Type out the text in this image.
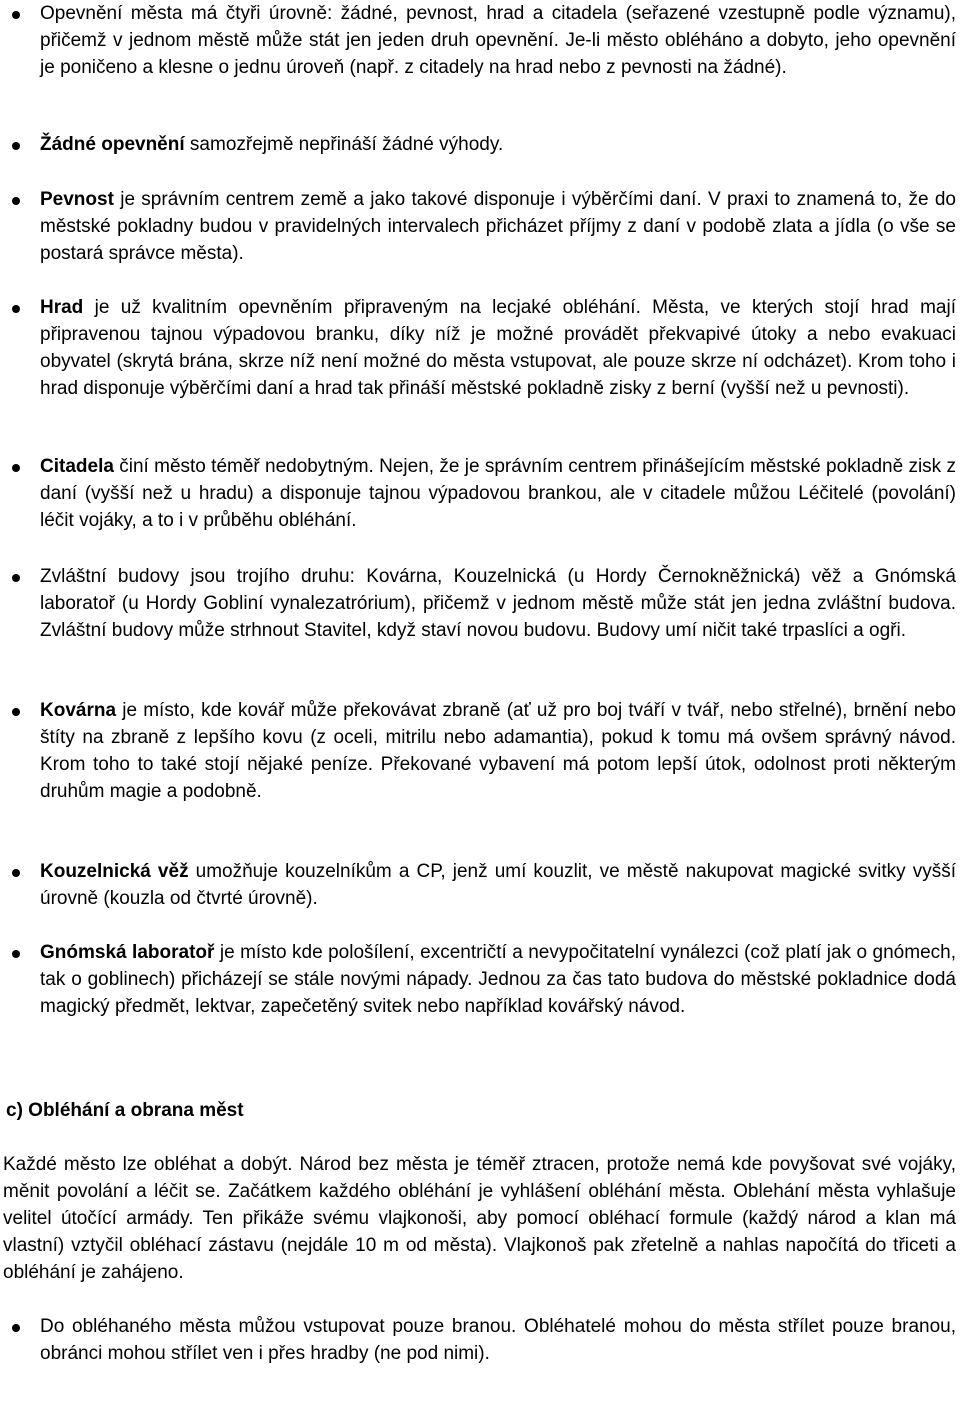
Opevnění města má čtyři úrovně: žádné, pevnost, hrad a citadela (seřazené vzestupně podle významu), přičemž v jednom městě může stát jen jeden druh opevnění. Je-li město obléháno a dobyto, jeho opevnění je poničeno a klesne o jednu úroveň (např. z citadely na hrad nebo z pevnosti na žádné).
Žádné opevnění samozřejmě nepřináší žádné výhody.
Pevnost je správním centrem země a jako takové disponuje i výběrčími daní. V praxi to znamená to, že do městské pokladny budou v pravidelných intervalech přicházet příjmy z daní v podobě zlata a jídla (o vše se postará správce města).
Hrad je už kvalitním opevněním připraveným na lecjaké obléhání. Města, ve kterých stojí hrad mají připravenou tajnou výpadovou branku, díky níž je možné provádět překvapivé útoky a nebo evakuaci obyvatel (skrytá brána, skrze níž není možné do města vstupovat, ale pouze skrze ní odcházet). Krom toho i hrad disponuje výběrčími daní a hrad tak přináší městské pokladně zisky z berní (vyšší než u pevnosti).
Citadela činí město téměř nedobytným. Nejen, že je správním centrem přinášejícím městské pokladně zisk z daní (vyšší než u hradu) a disponuje tajnou výpadovou brankou, ale v citadele můžou Léčitelé (povolání) léčit vojáky, a to i v průběhu obléhání.
Zvláštní budovy jsou trojího druhu: Kovárna, Kouzelnická (u Hordy Černokněžnická) věž a Gnómská laboratoř (u Hordy Gobliní vynalezatrórium), přičemž v jednom městě může stát jen jedna zvláštní budova. Zvláštní budovy může strhnout Stavitel, když staví novou budovu. Budovy umí ničit také trpaslíci a ogři.
Kovárna je místo, kde kovář může překovávat zbraně (ať už pro boj tváří v tvář, nebo střelné), brnění nebo štíty na zbraně z lepšího kovu (z oceli, mitrilu nebo adamantia), pokud k tomu má ovšem správný návod. Krom toho to také stojí nějaké peníze. Překované vybavení má potom lepší útok, odolnost proti některým druhům magie a podobně.
Kouzelnická věž umožňuje kouzelníkům a CP, jenž umí kouzlit, ve městě nakupovat magické svitky vyšší úrovně (kouzla od čtvrté úrovně).
Gnómská laboratoř je místo kde pološílení, excentričtí a nevypočitatelní vynálezci (což platí jak o gnómech, tak o goblinech) přicházejí se stále novými nápady. Jednou za čas tato budova do městské pokladnice dodá magický předmět, lektvar, zapečetěný svitek nebo například kovářský návod.
c) Obléhání a obrana měst

Každé město lze obléhat a dobýt. Národ bez města je téměř ztracen, protože nemá kde povyšovat své vojáky, měnit povolání a léčit se. Začátkem každého obléhání je vyhlášení obléhání města. Oblehání města vyhlašuje velitel útočící armády. Ten přikáže svému vlajkonoši, aby pomocí obléhací formule (každý národ a klan má vlastní) vztyčil obléhací zástavu (nejdále 10 m od města). Vlajkonoš pak zřetelně a nahlas napočítá do třiceti a obléhání je zahájeno.

Do obléhaného města můžou vstupovat pouze branou. Obléhatelé mohou do města střílet pouze branou, obránci mohou střílet ven i přes hradby (ne pod nimi).
